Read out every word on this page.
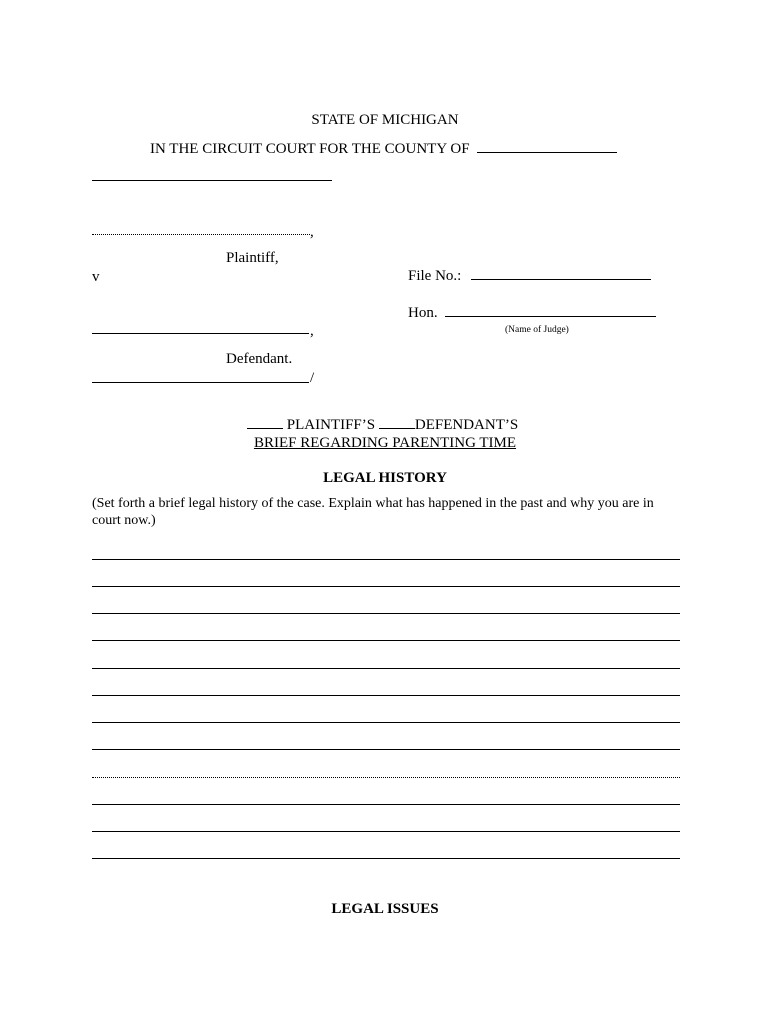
STATE OF MICHIGAN
IN THE CIRCUIT COURT FOR THE COUNTY OF
,
Plaintiff,
v	File No.:
Hon.
(Name of Judge)
,
Defendant.
/
PLAINTIFF’S	DEFENDANT’S
BRIEF REGARDING PARENTING TIME
LEGAL HISTORY
(Set forth a brief legal history of the case. Explain what has happened in the past and why you are in court now.)
LEGAL ISSUES
